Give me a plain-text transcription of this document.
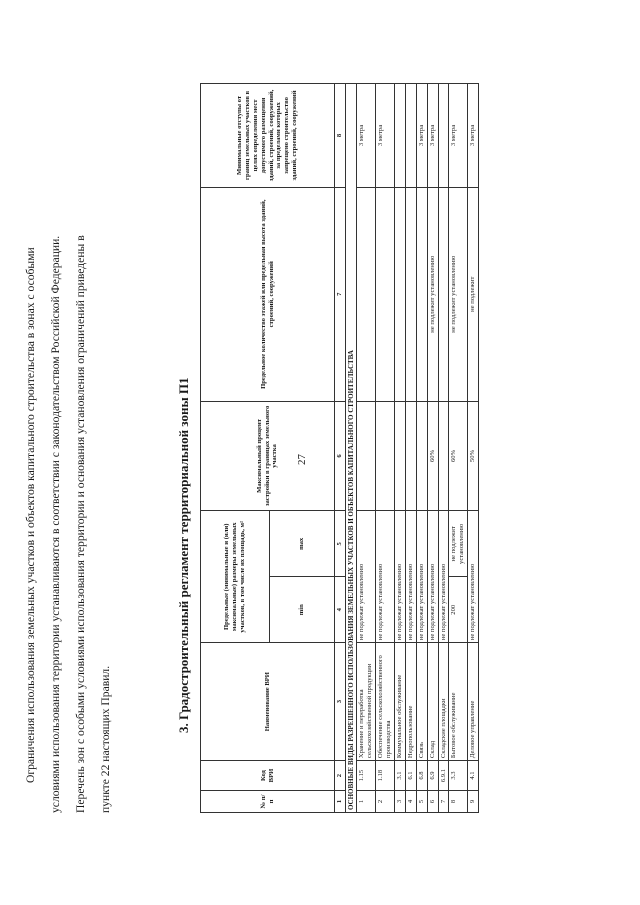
27
Ограничения использования земельных участков и объектов капитального строительства в зонах с особыми	условиями использования территории устанавливаются в соответствии с законодательством Российской Федерации.	Перечень зон с особыми условиями использования территории и основания установления ограничений приведены в	пункте 22 настоящих Правил.
3. Градостроительный регламент территориальной зоны П1
№ п/п	Код ВРИ	Наименование ВРИ	Предельные (минимальные и (или) максимальные) размеры земельных участков, в том числе их площадь, м²		Максимальный процент застройки в границах земельного участка	Предельное количество этажей или предельная высота зданий, строений, сооружений	Минимальные отступы от границ земельных участков в целях определения мест допустимого размещения зданий, строений, сооружений, за пределами которых запрещено строительство зданий, строений, сооружений
			min	max			
1	2	3	4	5	6	7	8
ОСНОВНЫЕ ВИДЫ РАЗРЕШЕННОГО ИСПОЛЬЗОВАНИЯ ЗЕМЕЛЬНЫХ УЧАСТКОВ И ОБЪЕКТОВ КАПИТАЛЬНОГО СТРОИТЕЛЬСТВА							
1	1.15	Хранение и переработка сельскохозяйственной продукции	не подлежат установлению				3 метра
2	1.18	Обеспечение сельскохозяйственного производства	не подлежат установлению				3 метра
3	3.1	Коммунальное обслуживание	не подлежат установлению				
4	6.1	Недропользование	не подлежат установлению				
5	6.8	Связь	не подлежат установлению				3 метра
6	6.9	Склад	не подлежат установлению		60%	не подлежит установлению	3 метра
7	6.9.1	Складские площадки	не подлежат установлению				
8	3.3	Бытовое обслуживание	200	не подлежит установлению	60%	не подлежит установлению	3 метра
9	4.1	Деловое управление	не подлежат установлению		50%	не подлежит	3 метра
